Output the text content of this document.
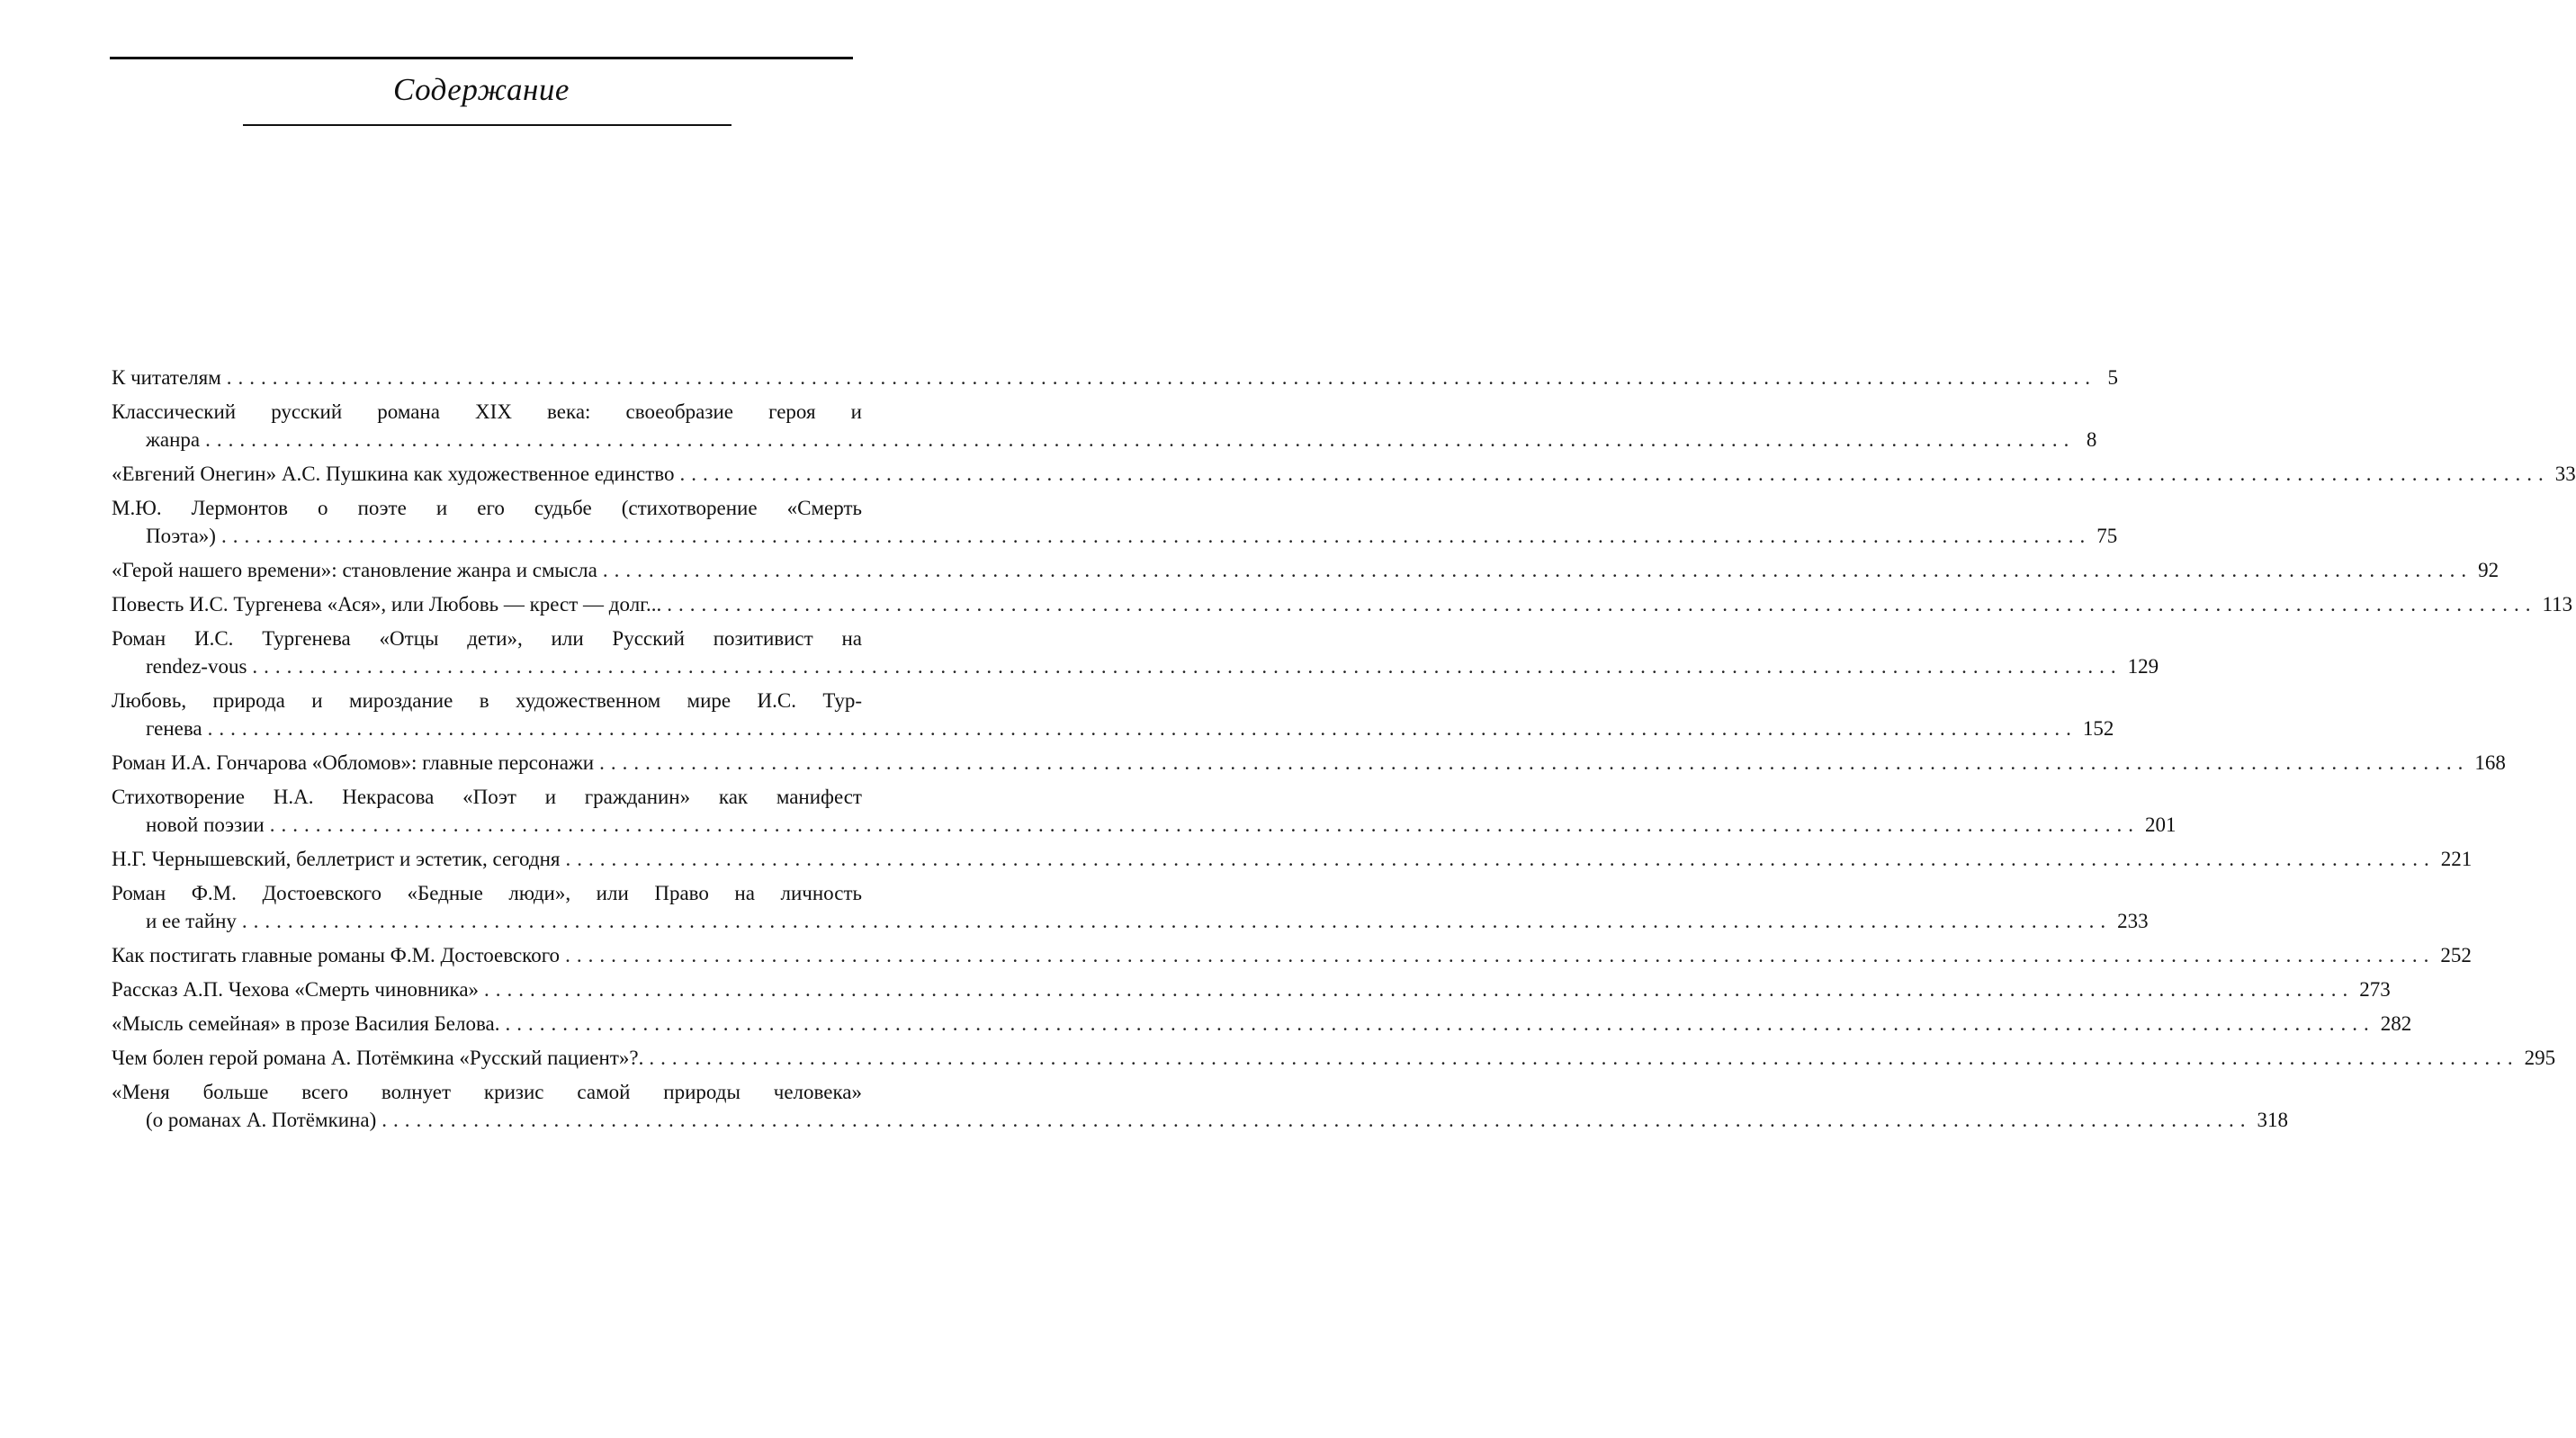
Содержание
К читателям ................................................................................................................................................................... 5
Классический русский романа XIX века: своеобразие героя и
жанра ................................................................................................................................................................... 8
«Евгений Онегин» А.С. Пушкина как художественное единство ................................................................................................................................................................... 33
М.Ю. Лермонтов о поэте и его судьбе (стихотворение «Смерть
Поэта») ................................................................................................................................................................... 75
«Герой нашего времени»: становление жанра и смысла ................................................................................................................................................................... 92
Повесть И.С. Тургенева «Ася», или Любовь — крест — долг... ................................................................................................................................................................... 113
Роман И.С. Тургенева «Отцы дети», или Русский позитивист на
rendez-vous ................................................................................................................................................................... 129
Любовь, природа и мироздание в художественном мире И.С. Тур-
генева ................................................................................................................................................................... 152
Роман И.А. Гончарова «Обломов»: главные персонажи ................................................................................................................................................................... 168
Стихотворение Н.А. Некрасова «Поэт и гражданин» как манифест
новой поэзии ................................................................................................................................................................... 201
Н.Г. Чернышевский, беллетрист и эстетик, сегодня ................................................................................................................................................................... 221
Роман Ф.М. Достоевского «Бедные люди», или Право на личность
и ее тайну ................................................................................................................................................................... 233
Как постигать главные романы Ф.М. Достоевского ................................................................................................................................................................... 252
Рассказ А.П. Чехова «Смерть чиновника» ................................................................................................................................................................... 273
«Мысль семейная» в прозе Василия Белова. ................................................................................................................................................................... 282
Чем болен герой романа А. Потёмкина «Русский пациент»?. ................................................................................................................................................................... 295
«Меня больше всего волнует кризис самой природы человека»
(о романах А. Потёмкина) ................................................................................................................................................................... 318
